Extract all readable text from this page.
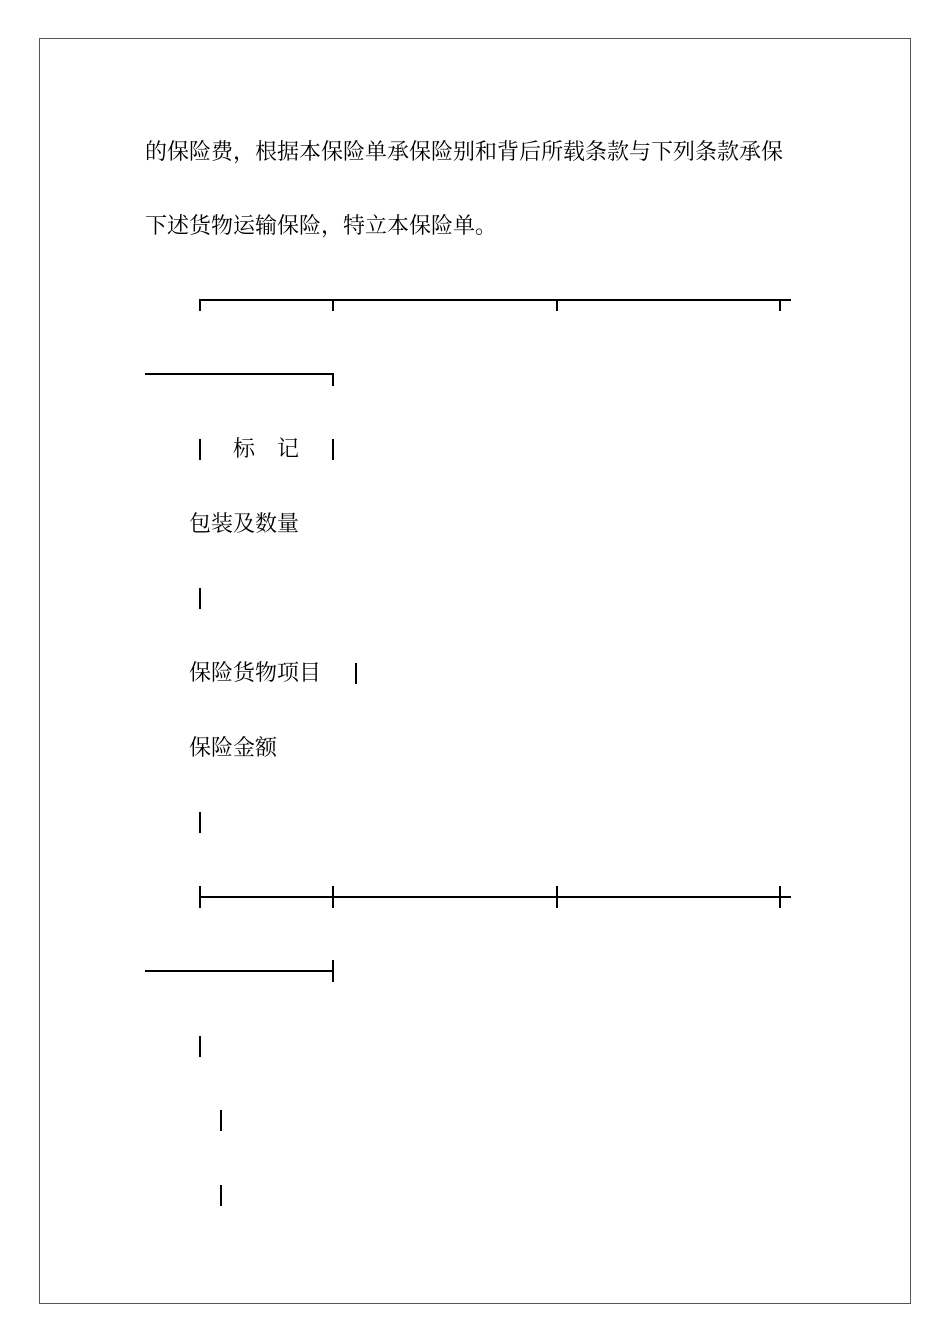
的保险费，根据本保险单承保险别和背后所载条款与下列条款承保
下述货物运输保险，特立本保险单。
标　记
包装及数量
保险货物项目
保险金额
